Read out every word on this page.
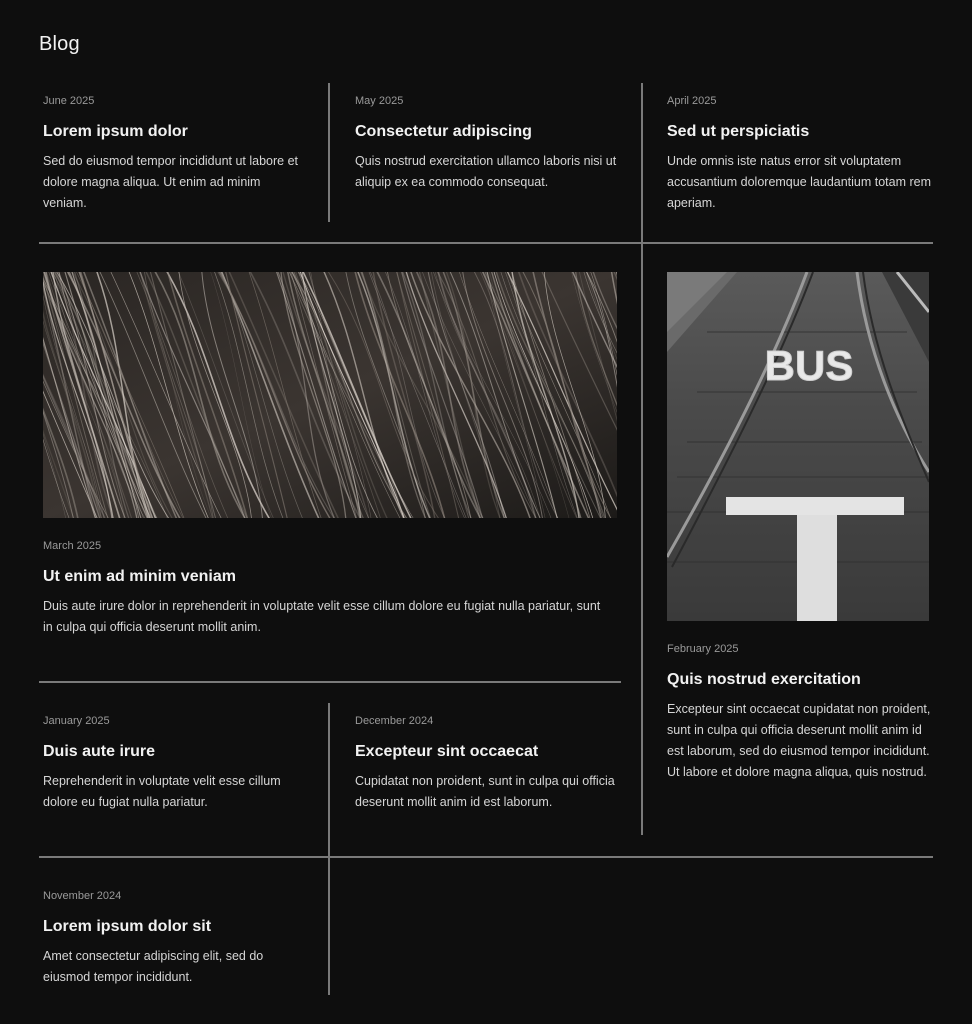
Blog
June 2025
Lorem ipsum dolor
Sed do eiusmod tempor incididunt ut labore et dolore magna aliqua. Ut enim ad minim veniam.
May 2025
Consectetur adipiscing
Quis nostrud exercitation ullamco laboris nisi ut aliquip ex ea commodo consequat.
April 2025
Sed ut perspiciatis
Unde omnis iste natus error sit voluptatem accusantium doloremque laudantium totam rem aperiam.
March 2025
Ut enim ad minim veniam
Duis aute irure dolor in reprehenderit in voluptate velit esse cillum dolore eu fugiat nulla pariatur, sunt in culpa qui officia deserunt mollit anim.
BUS
February 2025
Quis nostrud exercitation

Excepteur sint occaecat cupidatat non proident, sunt in culpa qui officia deserunt mollit anim id est laborum, sed do eiusmod tempor incididunt.

Ut labore et dolore magna aliqua, quis nostrud.

January 2025
Duis aute irure
Reprehenderit in voluptate velit esse cillum dolore eu fugiat nulla pariatur.
December 2024
Excepteur sint occaecat
Cupidatat non proident, sunt in culpa qui officia deserunt mollit anim id est laborum.
November 2024
Lorem ipsum dolor sit
Amet consectetur adipiscing elit, sed do eiusmod tempor incididunt.
